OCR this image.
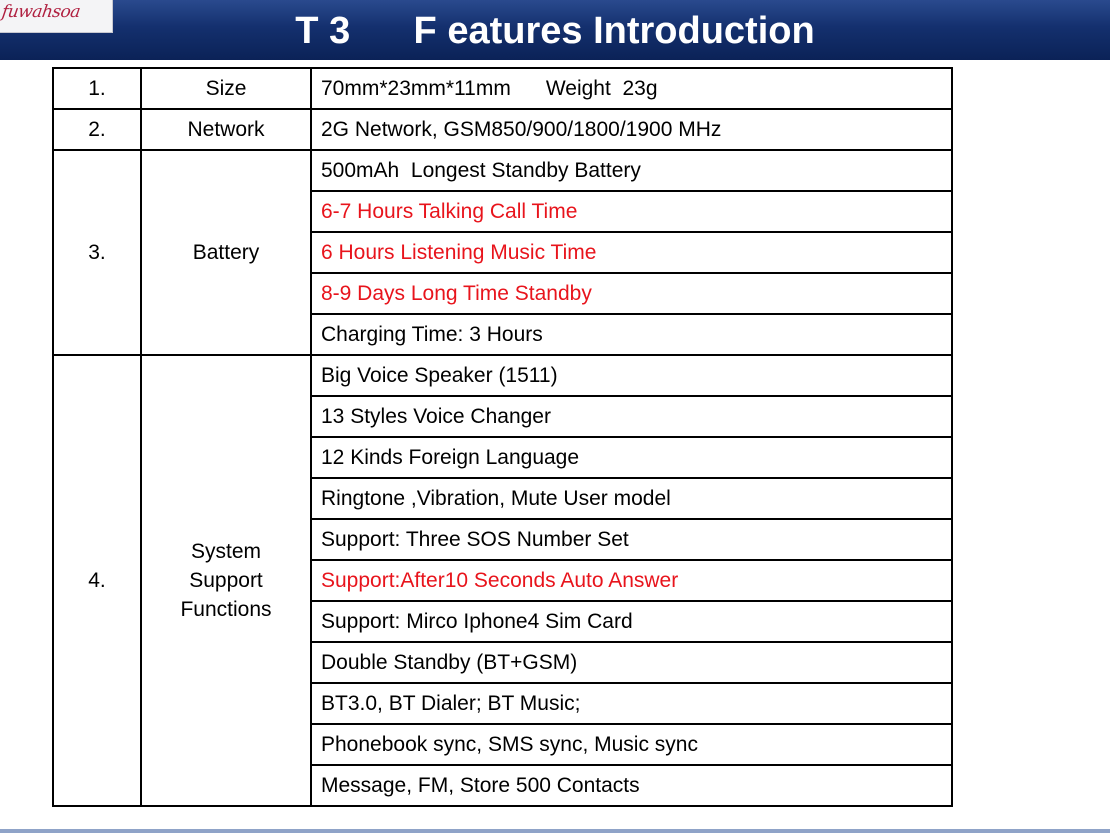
T 3      F eatures Introduction
fuwahsoa
1.	Size	70mm*23mm*11mm      Weight  23g
2.	Network	2G Network, GSM850/900/1800/1900 MHz
3.	Battery	500mAh  Longest Standby Battery
		6-7 Hours Talking Call Time
		6 Hours Listening Music Time
		8-9 Days Long Time Standby
		Charging Time: 3 Hours
4.	System
Support
Functions	Big Voice Speaker (1511)
		13 Styles Voice Changer
		12 Kinds Foreign Language
		Ringtone ,Vibration, Mute User model
		Support: Three SOS Number Set
		Support:After10 Seconds Auto Answer
		Support: Mirco Iphone4 Sim Card
		Double Standby (BT+GSM)
		BT3.0, BT Dialer; BT Music;
		Phonebook sync, SMS sync, Music sync
		Message, FM, Store 500 Contacts
